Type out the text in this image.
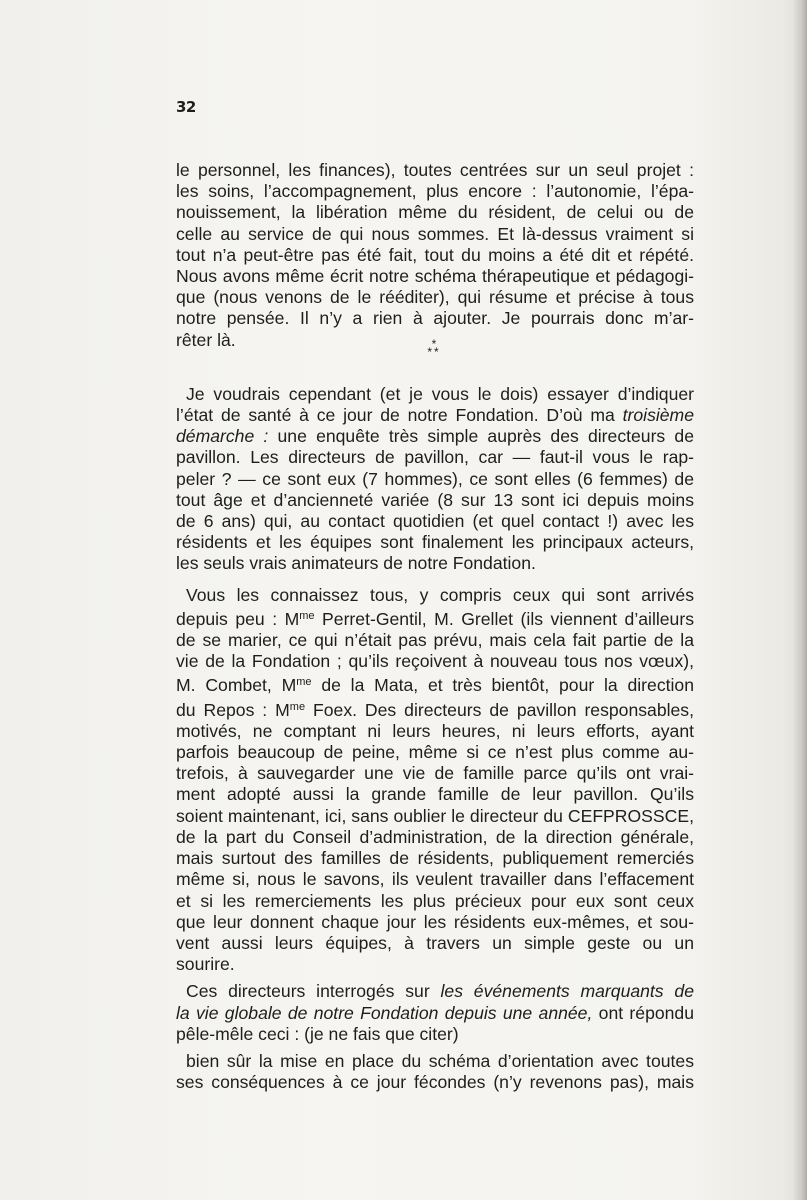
32

le personnel, les finances), toutes centrées sur un seul projet :
les soins, l’accompagnement, plus encore : l’autonomie, l’épa-
nouissement, la libération même du résident, de celui ou de
celle au service de qui nous sommes. Et là-dessus vraiment si
tout n’a peut-être pas été fait, tout du moins a été dit et répété.
Nous avons même écrit notre schéma thérapeutique et pédagogi-
que (nous venons de le rééditer), qui résume et précise à tous
notre pensée. Il n’y a rien à ajouter. Je pourrais donc m’ar-
rêter là.

Je voudrais cependant (et je vous le dois) essayer d’indiquer
l’état de santé à ce jour de notre Fondation. D’où ma troisième
démarche : une enquête très simple auprès des directeurs de
pavillon. Les directeurs de pavillon, car — faut-il vous le rap-
peler ? — ce sont eux (7 hommes), ce sont elles (6 femmes) de
tout âge et d’ancienneté variée (8 sur 13 sont ici depuis moins
de 6 ans) qui, au contact quotidien (et quel contact !) avec les
résidents et les équipes sont finalement les principaux acteurs,
les seuls vrais animateurs de notre Fondation.

Vous les connaissez tous, y compris ceux qui sont arrivés
depuis peu : $M^{me}$ Perret-Gentil, M. Grellet (ils viennent d’ailleurs
de se marier, ce qui n’était pas prévu, mais cela fait partie de la
vie de la Fondation ; qu’ils reçoivent à nouveau tous nos vœux),
M. Combet, $M^{me}$ de la Mata, et très bientôt, pour la direction
du Repos : $M^{me}$ Foex. Des directeurs de pavillon responsables,
motivés, ne comptant ni leurs heures, ni leurs efforts, ayant
parfois beaucoup de peine, même si ce n’est plus comme au-
trefois, à sauvegarder une vie de famille parce qu’ils ont vrai-
ment adopté aussi la grande famille de leur pavillon. Qu’ils
soient maintenant, ici, sans oublier le directeur du CEFPROSSCE,
de la part du Conseil d’administration, de la direction générale,
mais surtout des familles de résidents, publiquement remerciés
même si, nous le savons, ils veulent travailler dans l’effacement
et si les remerciements les plus précieux pour eux sont ceux
que leur donnent chaque jour les résidents eux-mêmes, et sou-
vent aussi leurs équipes, à travers un simple geste ou un
sourire.

Ces directeurs interrogés sur les événements marquants de
la vie globale de notre Fondation depuis une année, ont répondu
pêle-mêle ceci : (je ne fais que citer)

bien sûr la mise en place du schéma d’orientation avec toutes
ses conséquences à ce jour fécondes (n’y revenons pas), mais

*
**
